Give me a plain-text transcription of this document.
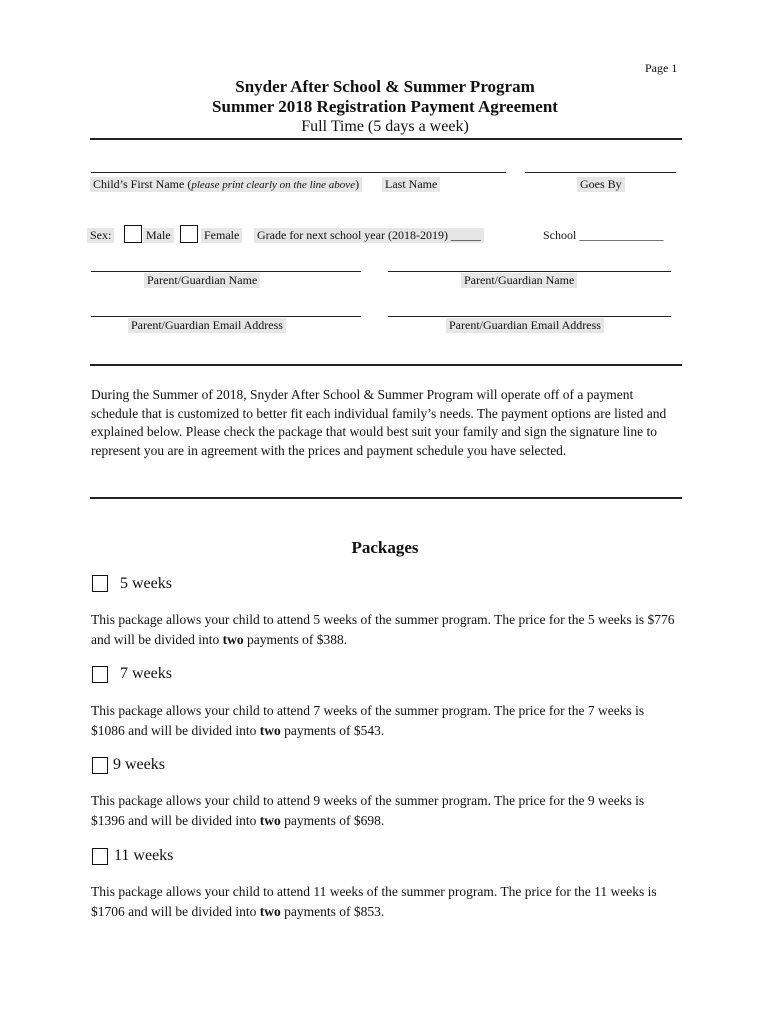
Page 1
Snyder After School & Summer Program
Summer 2018 Registration Payment Agreement
Full Time (5 days a week)
Child’s First Name (please print clearly on the line above) Last Name	Goes By
Sex:	Male	Female Grade for next school year (2018-2019) _____	School ______________
Parent/Guardian Name	Parent/Guardian Name
Parent/Guardian Email Address	Parent/Guardian Email Address
During the Summer of 2018, Snyder After School & Summer Program will operate off of a payment schedule that is customized to better fit each individual family’s needs. The payment options are listed and explained below. Please check the package that would best suit your family and sign the signature line to represent you are in agreement with the prices and payment schedule you have selected.
Packages
5 weeks
This package allows your child to attend 5 weeks of the summer program. The price for the 5 weeks is $776 and will be divided into two payments of $388.
7 weeks
This package allows your child to attend 7 weeks of the summer program. The price for the 7 weeks is $1086 and will be divided into two payments of $543.
9 weeks
This package allows your child to attend 9 weeks of the summer program. The price for the 9 weeks is $1396 and will be divided into two payments of $698.
11 weeks
This package allows your child to attend 11 weeks of the summer program. The price for the 11 weeks is $1706 and will be divided into two payments of $853.
